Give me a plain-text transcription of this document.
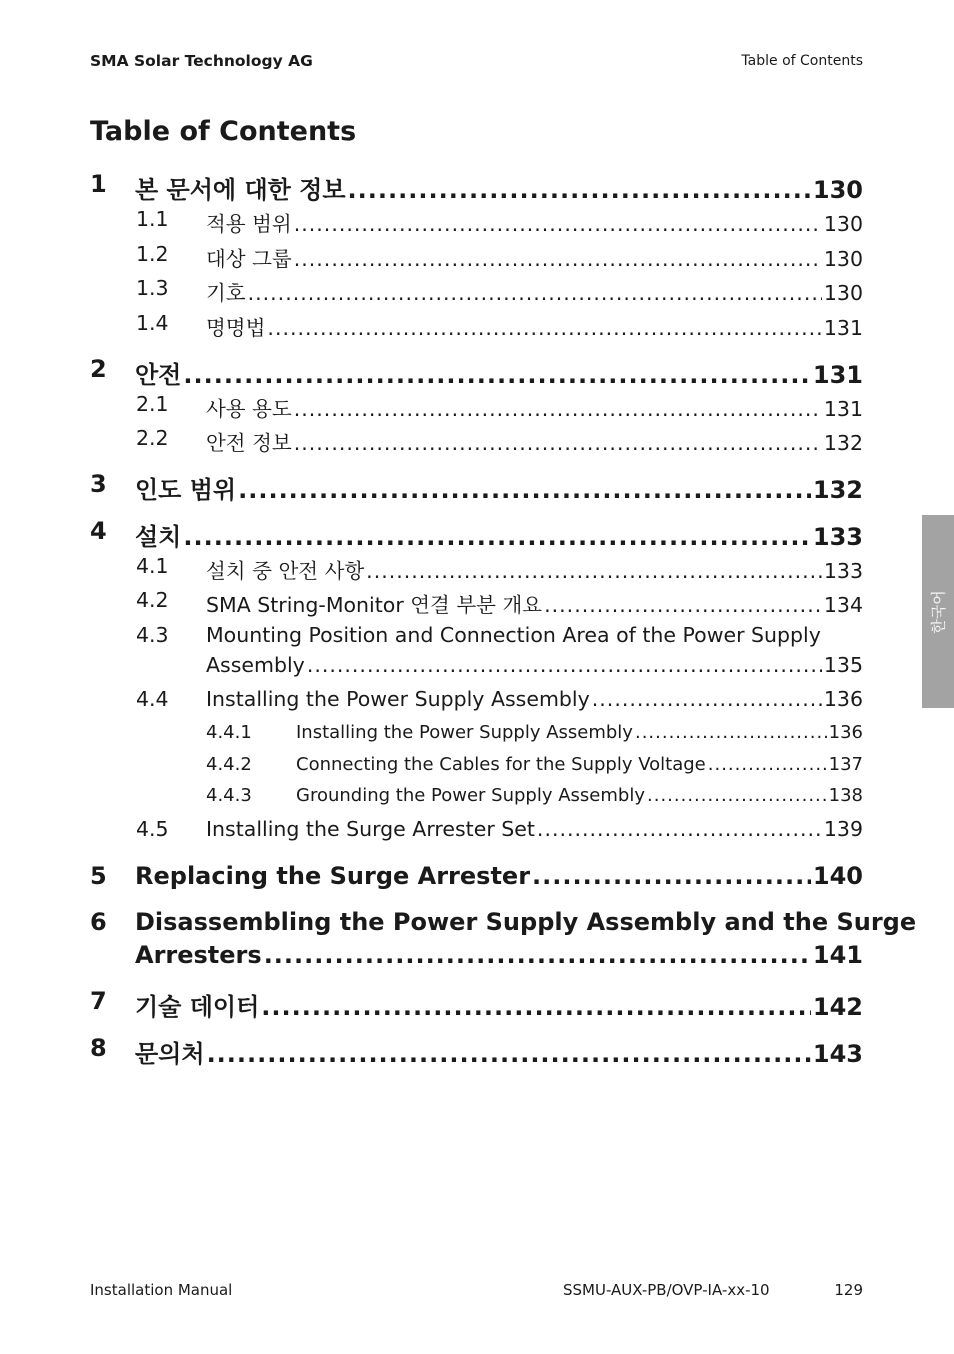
SMA Solar Technology AG	Table of Contents
Table of Contents
1 본 문서에 대한 정보 .....	130
1.1 적용 범위 .....	130
1.2 대상 그룹 .....	130
1.3 기호 .....	130
1.4 명명법 .....	131
2 안전 .....	131
2.1 사용 용도 .....	131
2.2 안전 정보 .....	132
3 인도 범위 .....	132
4 설치 .....	133
4.1 설치 중 안전 사항 .....	133
4.2 SMA String-Monitor 연결 부분 개요 .....	134
4.3 Mounting Position and Connection Area of the Power Supply
Assembly .....	135
4.4 Installing the Power Supply Assembly .....	136
4.4.1 Installing the Power Supply Assembly .....	136
4.4.2 Connecting the Cables for the Supply Voltage .....	137
4.4.3 Grounding the Power Supply Assembly .....	138
4.5 Installing the Surge Arrester Set .....	139
5 Replacing the Surge Arrester .....	140
6 Disassembling the Power Supply Assembly and the Surge
Arresters .....	141
7 기술 데이터 .....	142
8 문의처 .....	143
한국어
Installation Manual	SSMU-AUX-PB/OVP-IA-xx-10	129
